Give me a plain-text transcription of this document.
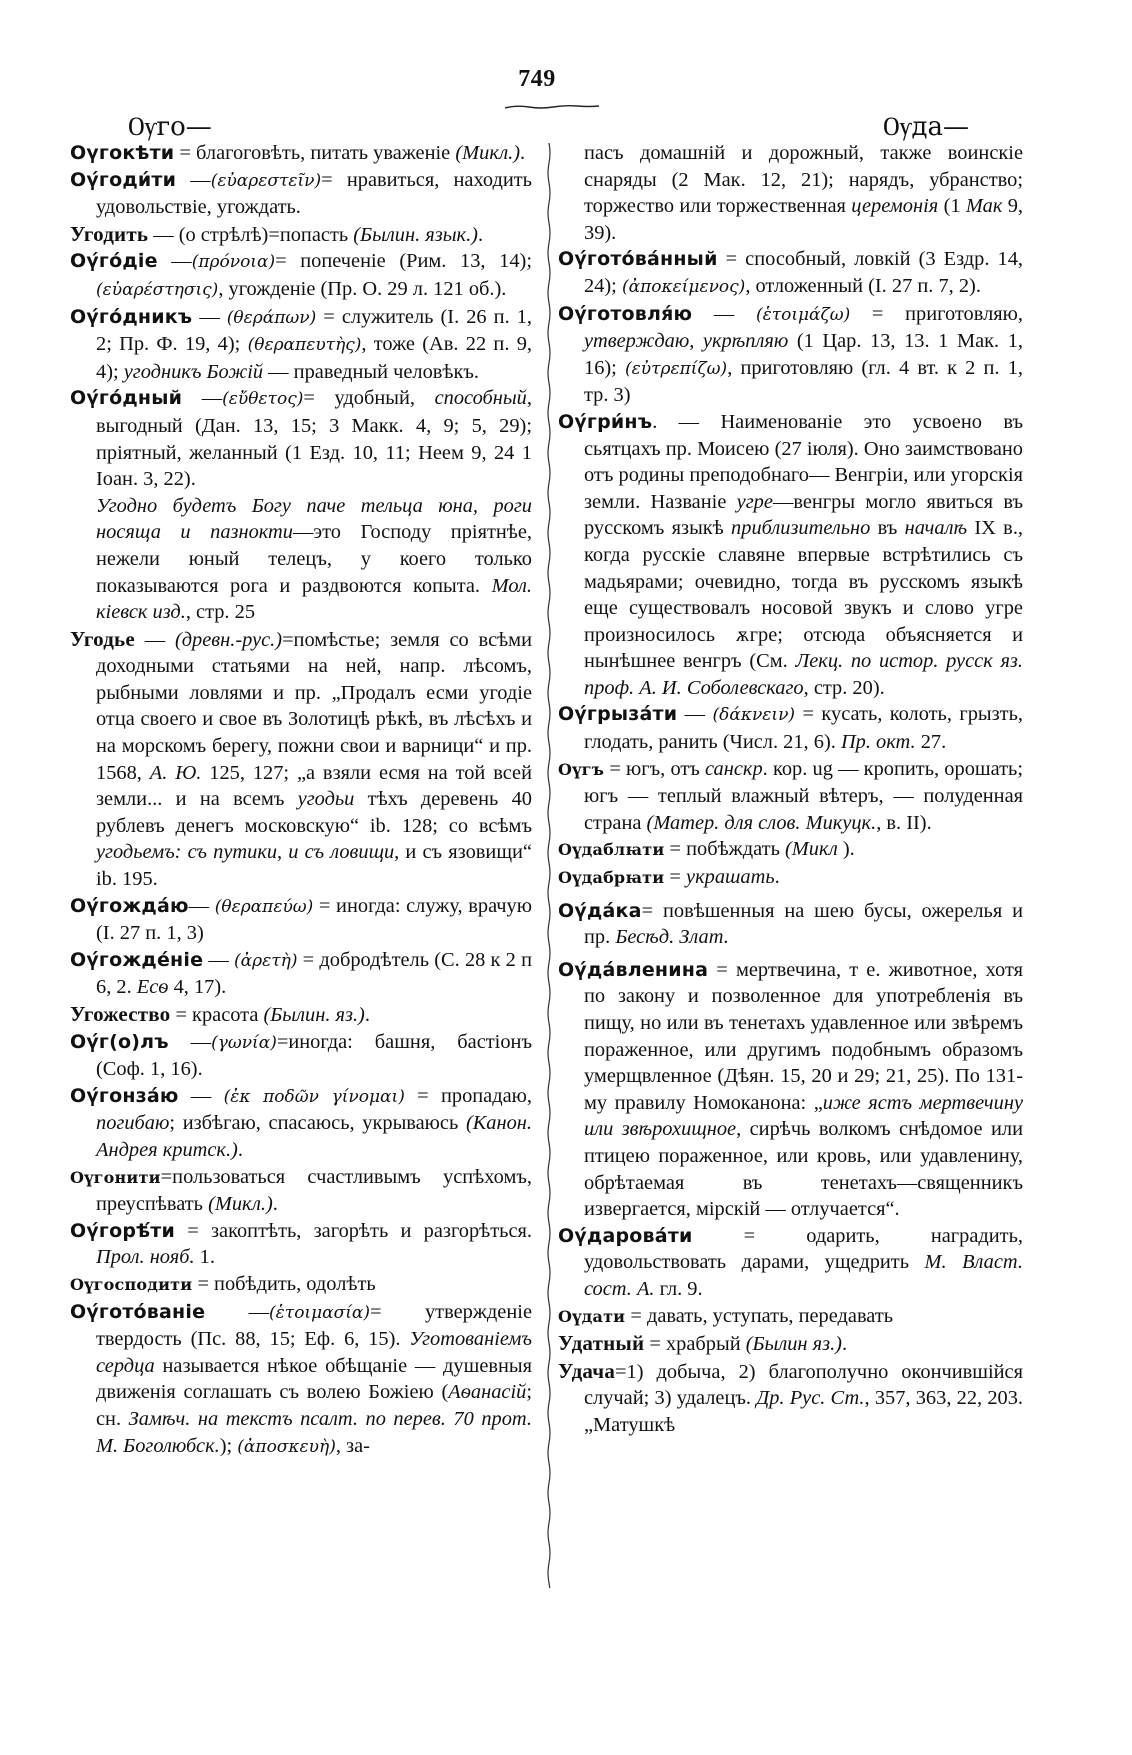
749
Ѹго—	Ѹда—

Оүгокѣти = благоговѣть, питать уваженіе (Микл.).

Оү́годи́ти —(εὐαρεστεῖν)= нравиться, находить удовольствіе, угождать.

Угодить — (о стрѣлѣ)=попасть (Былин. язык.).

Оү́го́діе —(πρόνοια)= попеченіе (Рим. 13, 14); (εὐαρέστησις), угожденіе (Пр. О. 29 л. 121 об.).

Оү́го́дникъ — (θεράπων) = служитель (І. 26 п. 1, 2; Пр. Ф. 19, 4); (θεραπευτὴς), тоже (Ав. 22 п. 9, 4); угодникъ Божій — праведный человѣкъ.

Оү́го́дный —(εὔθετος)= удобный, способный, выгодный (Дан. 13, 15; 3 Макк. 4, 9; 5, 29); пріятный, желанный (1 Езд. 10, 11; Неем 9, 24 1 Іоан. 3, 22).

Угодно будетъ Богу паче тельца юна, роги носяща и пазнокти—это Господу пріятнѣе, нежели юный телецъ, у коего только показываются рога и раздвоются копыта. Мол. кіевск изд., стр. 25

Угодье — (древн.-рус.)=помѣстье; земля со всѣми доходными статьями на ней, напр. лѣсомъ, рыбными ловлями и пр. „Продалъ есми угодіе отца своего и свое въ Золотицѣ рѣкѣ, въ лѣсѣхъ и на морскомъ берегу, пожни свои и варници“ и пр. 1568, А. Ю. 125, 127; „а взяли есмя на той всей земли... и на всемъ угодьи тѣхъ деревень 40 рублевъ денегъ московскую“ ib. 128; со всѣмъ угодьемъ: съ путики, и съ ловищи, и съ язовищи“ ib. 195.

Оү́гожда́ю— (θεραπεύω) = иногда: служу, врачую (І. 27 п. 1, 3)

Оү́гожде́ніе — (ἀρετὴ) = добродѣтель (С. 28 к 2 п 6, 2. Есѳ 4, 17).

Угожество = красота (Былин. яз.).

Оү́г(о)лъ —(γωνία)=иногда: башня, бастіонъ (Соф. 1, 16).

Оү́гонза́ю — (ἐκ ποδῶν γίνομαι) = пропадаю, погибаю; избѣгаю, спасаюсь, укрываюсь (Канон. Андрея критск.).

Оүгонити=пользоваться счастливымъ успѣхомъ, преуспѣвать (Микл.).

Оү́горѣ́ти = закоптѣть, загорѣть и разгорѣться. Прол. нояб. 1.

Оүгосподити = побѣдить, одолѣть

Оү́гото́ваніе —(ἑτοιμασία)= утвержденіе твердость (Пс. 88, 15; Еф. 6, 15). Уготованіемъ сердца называется нѣкое обѣщаніе — душевныя движенія соглашать съ волею Божіею (Аѳанасій; сн. Замѣч. на текстъ псалт. по перев. 70 прот. М. Боголюбск.); (ἀποσκευὴ), за-

пасъ домашній и дорожный, также воинскіе снаряды (2 Мак. 12, 21); нарядъ, убранство; торжество или торжественная церемонія (1 Мак 9, 39).

Оү́гото́ва́нный = способный, ловкій (3 Ездр. 14, 24); (ἀποκείμενος), отложенный (І. 27 п. 7, 2).

Оү́готовля́ю — (ἑτοιμάζω) = приготовляю, утверждаю, укрѣпляю (1 Цар. 13, 13. 1 Мак. 1, 16); (εὐτρεπίζω), приготовляю (гл. 4 вт. к 2 п. 1, тр. 3)

Оү́гри́нъ. — Наименованіе это усвоено въ сьятцахъ пр. Моисею (27 іюля). Оно заимствовано отъ родины преподобнаго— Венгріи, или угорскія земли. Названіе угре—венгры могло явиться въ русскомъ языкѣ приблизительно въ началѣ IX в., когда русскіе славяне впервые встрѣтились съ мадьярами; очевидно, тогда въ русскомъ языкѣ еще существовалъ носовой звукъ и слово угре произносилось ѫгре; отсюда объясняется и нынѣшнее венгръ (См. Лекц. по истор. русск яз. проф. А. И. Соболевскаго, стр. 20).

Оү́грыза́ти — (δάκνειν) = кусать, колоть, грызть, глодать, ранить (Числ. 21, 6). Пр. окт. 27.

Оүгъ = югъ, отъ санскр. кор. ug — кропить, орошать; югъ — теплый влажный вѣтеръ, — полуденная страна (Матер. для слов. Микуцк., в. II).

Оүдаблꙗти = побѣждать (Микл ).

Оүдабрꙗти = украшать.

Оү́да́ка= повѣшенныя на шею бусы, ожерелья и пр. Бесѣд. Злат.

Оү́да́вленина = мертвечина, т е. животное, хотя по закону и позволенное для употребленія въ пищу, но или въ тенетахъ удавленное или звѣремъ пораженное, или другимъ подобнымъ образомъ умерщвленное (Дѣян. 15, 20 и 29; 21, 25). По 131-му правилу Номоканона: „иже ястъ мертвечину или звѣрохищное, сирѣчь волкомъ снѣдомое или птицею пораженное, или кровь, или удавленину, обрѣтаемая въ тенетахъ—священникъ извергается, мірскій — отлучается“.

Оү́дарова́ти = одарить, наградить, удовольствовать дарами, ущедрить М. Власт. сост. А. гл. 9.

Оүдати = давать, уступать, передавать

Удатный = храбрый (Былин яз.).

Удача=1) добыча, 2) благополучно окончившійся случай; 3) удалецъ. Др. Рус. Ст., 357, 363, 22, 203. „Матушкѣ
